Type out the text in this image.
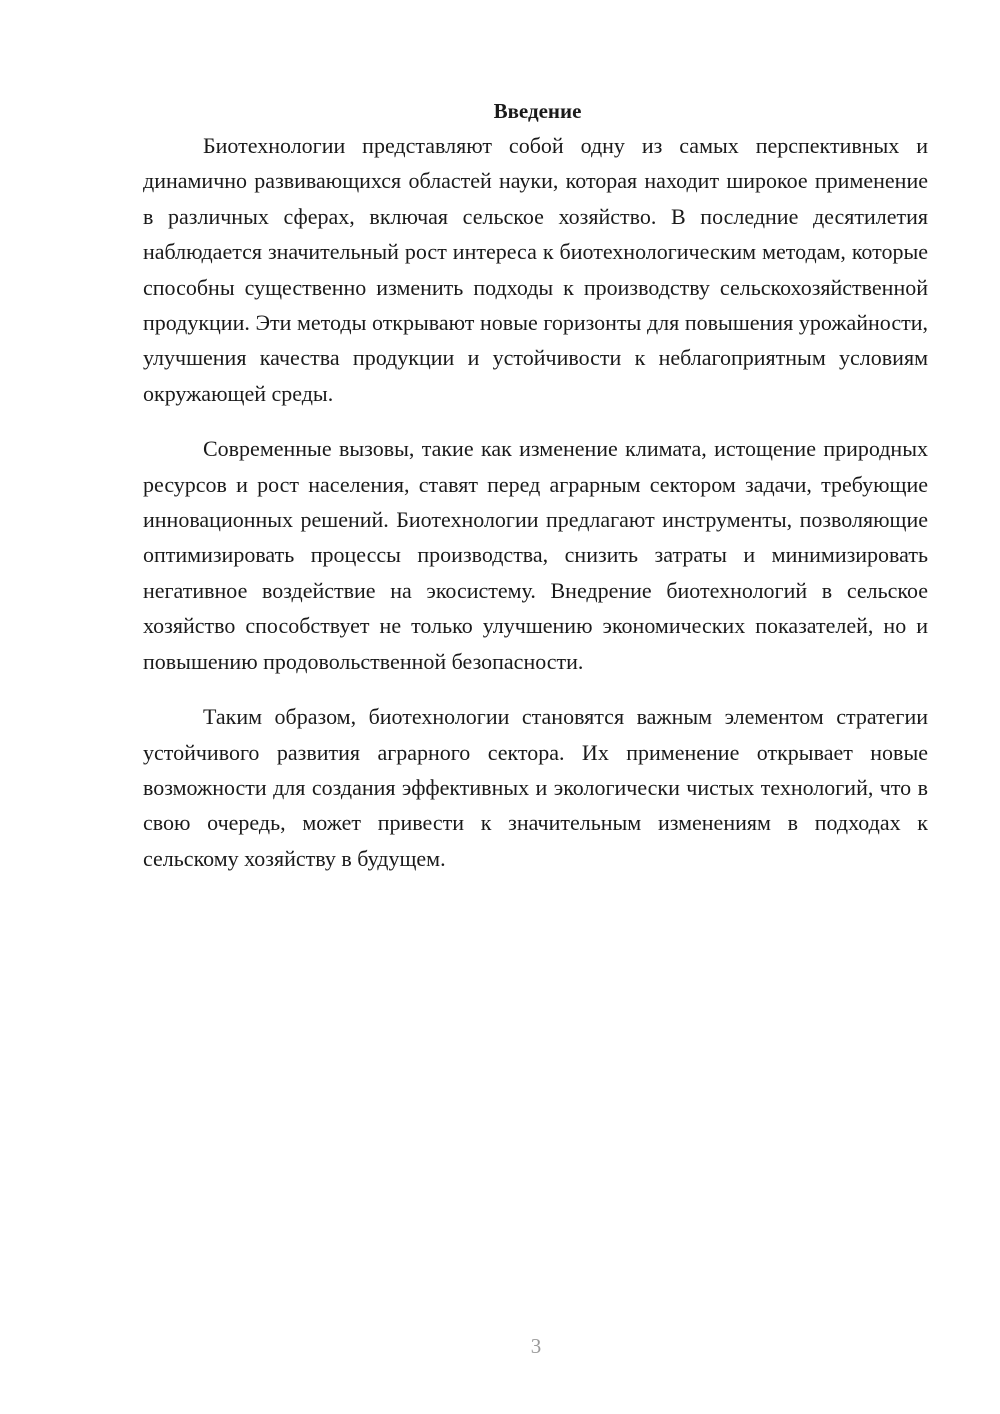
Введение

Биотехнологии представляют собой одну из самых перспективных и динамично развивающихся областей науки, которая находит широкое применение в различных сферах, включая сельское хозяйство. В последние десятилетия наблюдается значительный рост интереса к биотехнологическим методам, которые способны существенно изменить подходы к производству сельскохозяйственной продукции. Эти методы открывают новые горизонты для повышения урожайности, улучшения качества продукции и устойчивости к неблагоприятным условиям окружающей среды.

Современные вызовы, такие как изменение климата, истощение природных ресурсов и рост населения, ставят перед аграрным сектором задачи, требующие инновационных решений. Биотехнологии предлагают инструменты, позволяющие оптимизировать процессы производства, снизить затраты и минимизировать негативное воздействие на экосистему. Внедрение биотехнологий в сельское хозяйство способствует не только улучшению экономических показателей, но и повышению продовольственной безопасности.

Таким образом, биотехнологии становятся важным элементом стратегии устойчивого развития аграрного сектора. Их применение открывает новые возможности для создания эффективных и экологически чистых технологий, что в свою очередь, может привести к значительным изменениям в подходах к сельскому хозяйству в будущем.

3
